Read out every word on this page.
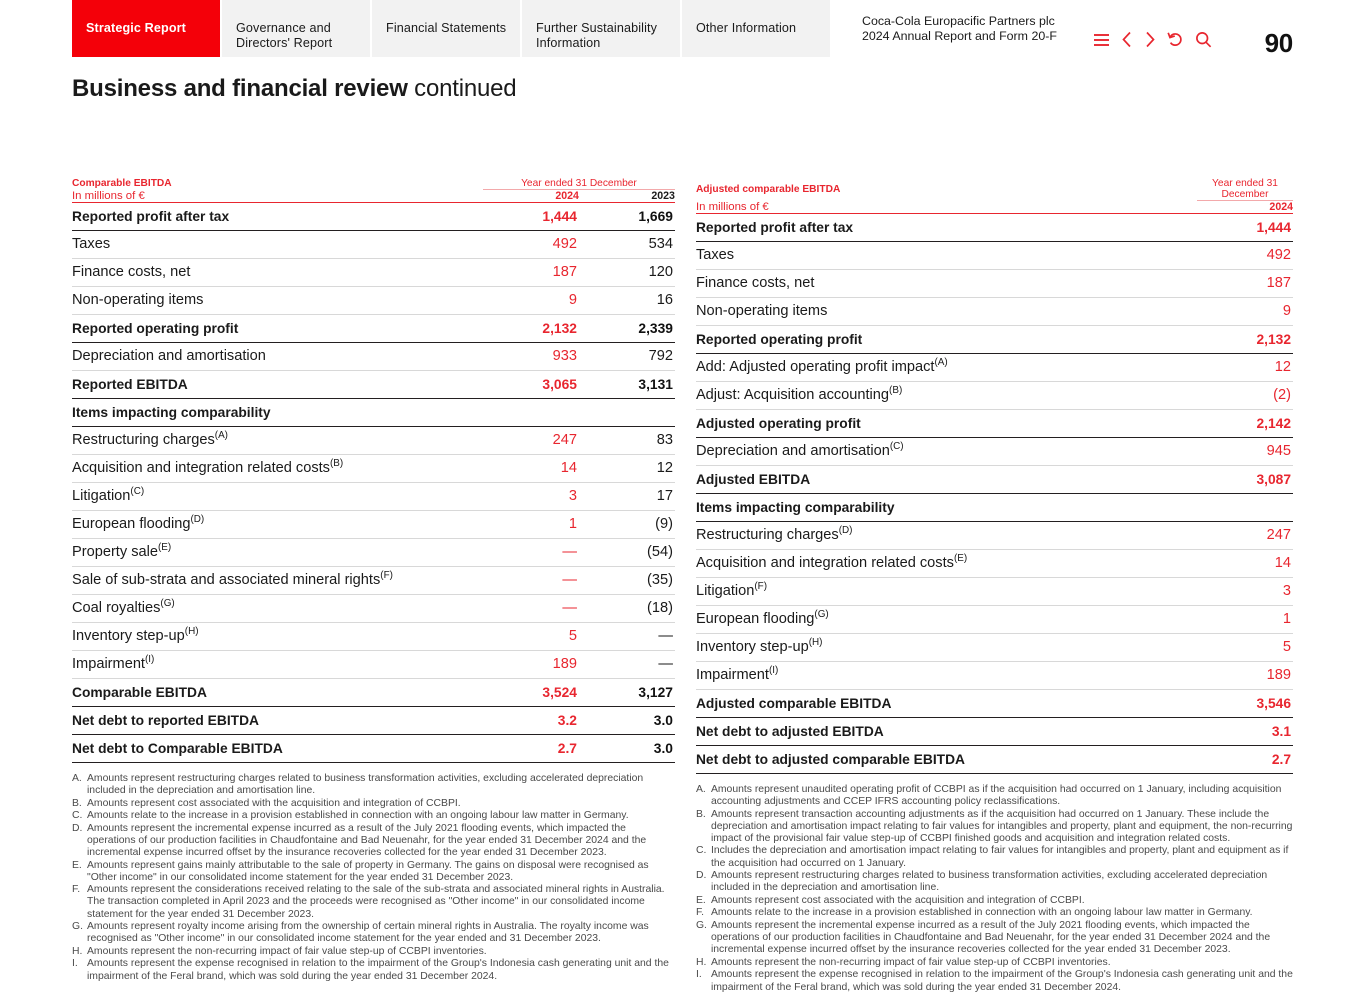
Strategic Report	Governance and Directors' Report
Financial Statements	Further Sustainability Information
Other Information
Coca-Cola Europacific Partners plc
2024 Annual Report and Form 20-F	90
Business and financial review continued
Comparable EBITDA	Year ended 31 December	
In millions of €	2024	2023

Reported profit after tax	1,444	1,669
Taxes	492	534
Finance costs, net	187	120
Non-operating items	9	16
Reported operating profit	2,132	2,339
Depreciation and amortisation	933	792
Reported EBITDA	3,065	3,131
Items impacting comparability		
Restructuring charges$^{(A)}$	247	83
Acquisition and integration related costs$^{(B)}$	14	12
Litigation$^{(C)}$	3	17
European flooding$^{(D)}$	1	(9)
Property sale$^{(E)}$	—	(54)
Sale of sub-strata and associated mineral rights$^{(F)}$	—	(35)
Coal royalties$^{(G)}$	—	(18)
Inventory step-$up^{(H)}$	5	—
Impairment$^{(I)}$	189	—
Comparable EBITDA	3,524	3,127
Net debt to reported EBITDA	3.2	3.0
Net debt to Comparable EBITDA	2.7	3.0
A. Amounts represent restructuring charges related to business transformation activities, excluding accelerated depreciation included in the depreciation and amortisation line.
B. Amounts represent cost associated with the acquisition and integration of CCBPI.
C. Amounts relate to the increase in a provision established in connection with an ongoing labour law matter in Germany.
D. Amounts represent the incremental expense incurred as a result of the July 2021 flooding events, which impacted the operations of our production facilities in Chaudfontaine and Bad Neuenahr, for the year ended 31 December 2024 and the incremental expense incurred offset by the insurance recoveries collected for the year ended 31 December 2023.
E. Amounts represent gains mainly attributable to the sale of property in Germany. The gains on disposal were recognised as "Other income" in our consolidated income statement for the year ended 31 December 2023.
F. Amounts represent the considerations received relating to the sale of the sub-strata and associated mineral rights in Australia. The transaction completed in April 2023 and the proceeds were recognised as "Other income" in our consolidated income statement for the year ended 31 December 2023.
G. Amounts represent royalty income arising from the ownership of certain mineral rights in Australia. The royalty income was recognised as "Other income" in our consolidated income statement for the year ended and 31 December 2023.
H. Amounts represent the non-recurring impact of fair value step-up of CCBPI inventories.
I. Amounts represent the expense recognised in relation to the impairment of the Group's Indonesia cash generating unit and the impairment of the Feral brand, which was sold during the year ended 31 December 2024.
Adjusted comparable EBITDA	Year ended 31 December
In millions of €	2024

Reported profit after tax	1,444
Taxes	492
Finance costs, net	187
Non-operating items	9
Reported operating profit	2,132
Add: Adjusted operating profit impact$^{(A)}$	12
Adjust: Acquisition accounting$^{(B)}$	(2)
Adjusted operating profit	2,142
Depreciation and amortisation$^{(C)}$	945
Adjusted EBITDA	3,087
Items impacting comparability	
Restructuring charges$^{(D)}$	247
Acquisition and integration related costs$^{(E)}$	14
Litigation$^{(F)}$	3
European flooding$^{(G)}$	1
Inventory step-$up^{(H)}$	5
Impairment$^{(I)}$	189
Adjusted comparable EBITDA	3,546
Net debt to adjusted EBITDA	3.1
Net debt to adjusted comparable EBITDA	2.7
A. Amounts represent unaudited operating profit of CCBPI as if the acquisition had occurred on 1 January, including acquisition accounting adjustments and CCEP IFRS accounting policy reclassifications.
B. Amounts represent transaction accounting adjustments as if the acquisition had occurred on 1 January. These include the depreciation and amortisation impact relating to fair values for intangibles and property, plant and equipment, the non-recurring impact of the provisional fair value step-up of CCBPI finished goods and acquisition and integration related costs.
C. Includes the depreciation and amortisation impact relating to fair values for intangibles and property, plant and equipment as if the acquisition had occurred on 1 January.
D. Amounts represent restructuring charges related to business transformation activities, excluding accelerated depreciation included in the depreciation and amortisation line.
E. Amounts represent cost associated with the acquisition and integration of CCBPI.
F. Amounts relate to the increase in a provision established in connection with an ongoing labour law matter in Germany.
G. Amounts represent the incremental expense incurred as a result of the July 2021 flooding events, which impacted the operations of our production facilities in Chaudfontaine and Bad Neuenahr, for the year ended 31 December 2024 and the incremental expense incurred offset by the insurance recoveries collected for the year ended 31 December 2023.
H. Amounts represent the non-recurring impact of fair value step-up of CCBPI inventories.
I. Amounts represent the expense recognised in relation to the impairment of the Group's Indonesia cash generating unit and the impairment of the Feral brand, which was sold during the year ended 31 December 2024.
